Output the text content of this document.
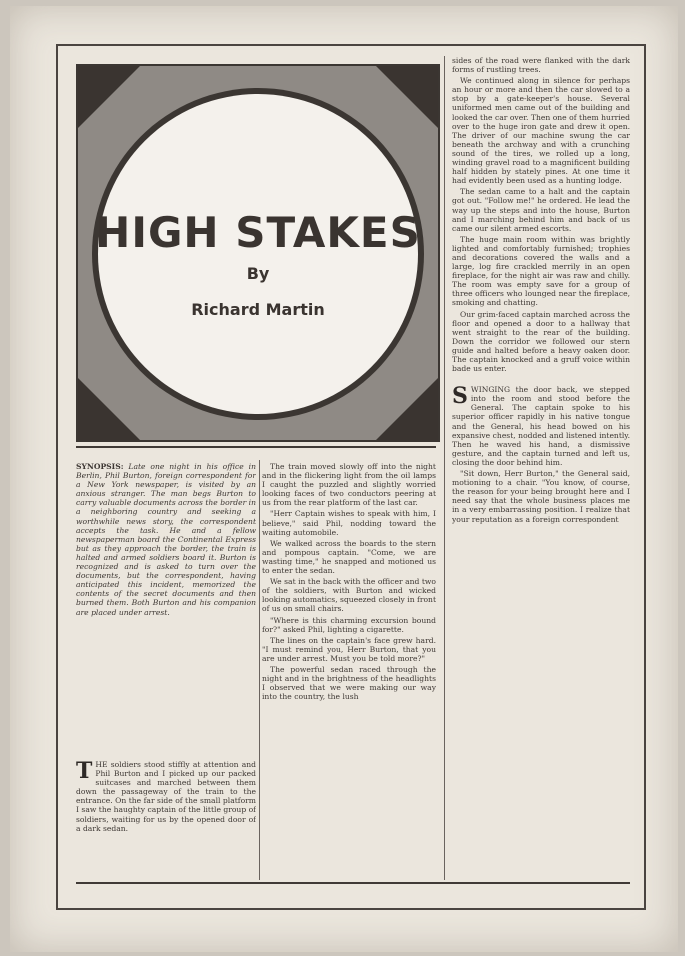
HIGH STAKES
By
Richard Martin

SYNOPSIS: Late one night in his office in Berlin, Phil Burton, foreign correspondent for a New York newspaper, is visited by an anxious stranger. The man begs Burton to carry valuable documents across the border in a neighboring country and seeking a worthwhile news story, the correspondent accepts the task. He and a fellow newspaperman board the Continental Express but as they approach the border, the train is halted and armed soldiers board it. Burton is recognized and is asked to turn over the documents, but the correspondent, having anticipated this incident, memorized the contents of the secret documents and then burned them. Both Burton and his companion are placed under arrest.

THE soldiers stood stiffly at attention and Phil Burton and I picked up our packed suitcases and marched between them down the passageway of the train to the entrance. On the far side of the small platform I saw the haughty captain of the little group of soldiers, waiting for us by the opened door of a dark sedan.

The train moved slowly off into the night and in the flickering light from the oil lamps I caught the puzzled and slightly worried looking faces of two conductors peering at us from the rear platform of the last car.

"Herr Captain wishes to speak with him, I believe," said Phil, nodding toward the waiting automobile.

We walked across the boards to the stern and pompous captain. "Come, we are wasting time," he snapped and motioned us to enter the sedan.

We sat in the back with the officer and two of the soldiers, with Burton and wicked looking automatics, squeezed closely in front of us on small chairs.

"Where is this charming excursion bound for?" asked Phil, lighting a cigarette.

The lines on the captain's face grew hard. "I must remind you, Herr Burton, that you are under arrest. Must you be told more?"

The powerful sedan raced through the night and in the brightness of the headlights I observed that we were making our way into the country, the lush

sides of the road were flanked with the dark forms of rustling trees.

We continued along in silence for perhaps an hour or more and then the car slowed to a stop by a gate-keeper's house. Several uniformed men came out of the building and looked the car over. Then one of them hurried over to the huge iron gate and drew it open. The driver of our machine swung the car beneath the archway and with a crunching sound of the tires, we rolled up a long, winding gravel road to a magnificent building half hidden by stately pines. At one time it had evidently been used as a hunting lodge.

The sedan came to a halt and the captain got out. "Follow me!" he ordered. He lead the way up the steps and into the house, Burton and I marching behind him and back of us came our silent armed escorts.

The huge main room within was brightly lighted and comfortably furnished; trophies and decorations covered the walls and a large, log fire crackled merrily in an open fireplace, for the night air was raw and chilly. The room was empty save for a group of three officers who lounged near the fireplace, smoking and chatting.

Our grim-faced captain marched across the floor and opened a door to a hallway that went straight to the rear of the building. Down the corridor we followed our stern guide and halted before a heavy oaken door. The captain knocked and a gruff voice within bade us enter.

SWINGING the door back, we stepped into the room and stood before the General. The captain spoke to his superior officer rapidly in his native tongue and the General, his head bowed on his expansive chest, nodded and listened intently. Then he waved his hand, a dismissive gesture, and the captain turned and left us, closing the door behind him.

"Sit down, Herr Burton," the General said, motioning to a chair. "You know, of course, the reason for your being brought here and I need say that the whole business places me in a very embarrassing position. I realize that your reputation as a foreign correspondent
